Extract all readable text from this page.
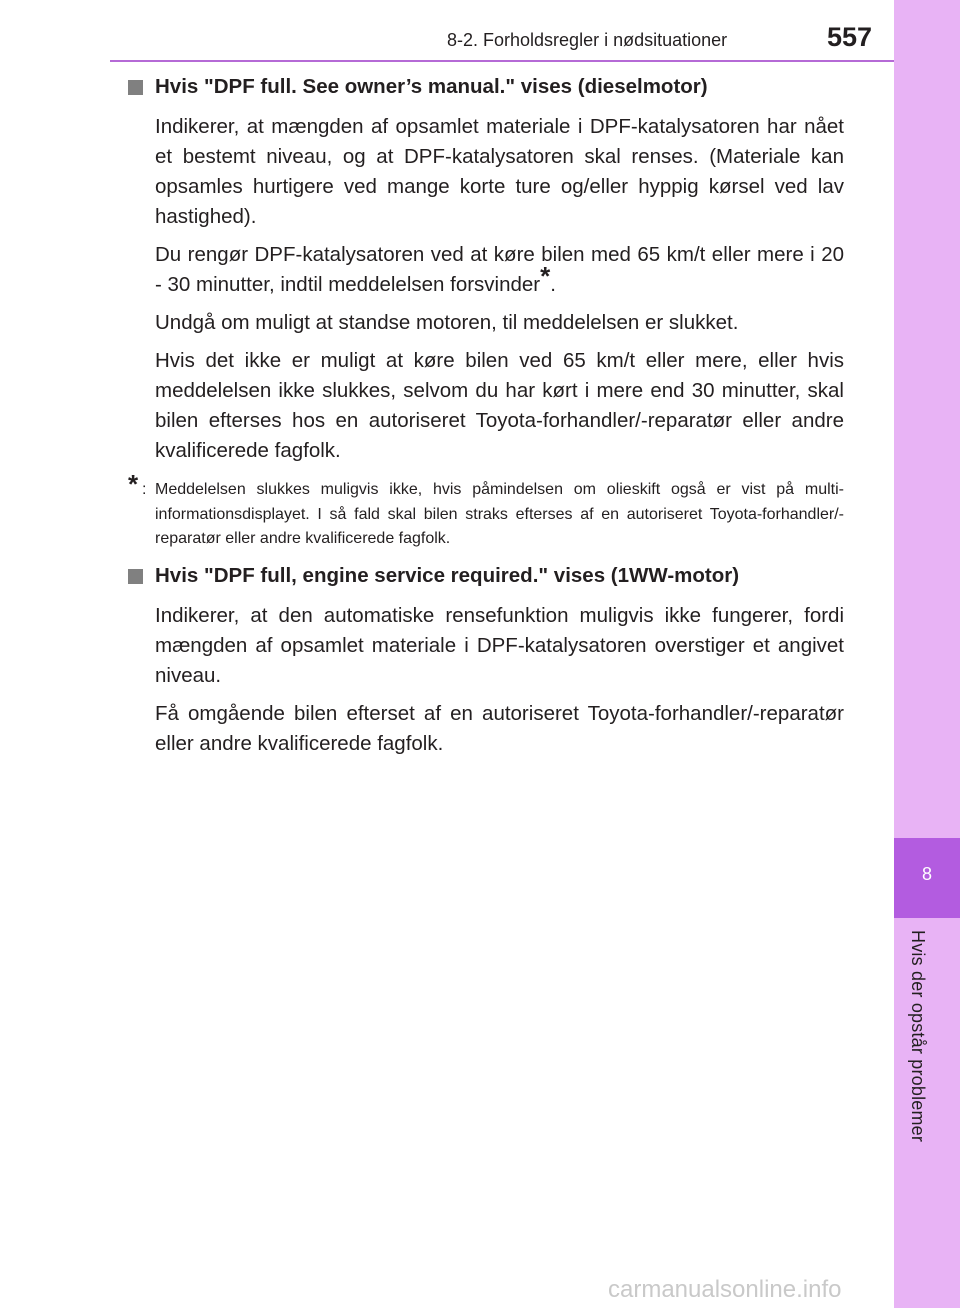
8-2. Forholdsregler i nødsituationer	557
8
Hvis der opstår problemer
Hvis "DPF full. See owner’s manual." vises (dieselmotor)

Indikerer, at mængden af opsamlet materiale i DPF-katalysatoren har nået et bestemt niveau, og at DPF-katalysatoren skal renses. (Materiale kan opsamles hurtigere ved mange korte ture og/eller hyppig kørsel ved lav hastighed).

Du rengør DPF-katalysatoren ved at køre bilen med 65 km/t eller mere i 20 - 30 minutter, indtil meddelelsen forsvinder*.

Undgå om muligt at standse motoren, til meddelelsen er slukket.

Hvis det ikke er muligt at køre bilen ved 65 km/t eller mere, eller hvis meddelelsen ikke slukkes, selvom du har kørt i mere end 30 minutter, skal bilen efterses hos en autoriseret Toyota-forhandler/-reparatør eller andre kvalificerede fagfolk.

* : Meddelelsen slukkes muligvis ikke, hvis påmindelsen om olieskift også er vist på multi-informationsdisplayet. I så fald skal bilen straks efterses af en autoriseret Toyota-forhandler/-reparatør eller andre kvalificerede fagfolk.
Hvis "DPF full, engine service required." vises (1WW-motor)

Indikerer, at den automatiske rensefunktion muligvis ikke fungerer, fordi mængden af opsamlet materiale i DPF-katalysatoren overstiger et angivet niveau.

Få omgående bilen efterset af en autoriseret Toyota-forhandler/-reparatør eller andre kvalificerede fagfolk.

carmanualsonline.info
